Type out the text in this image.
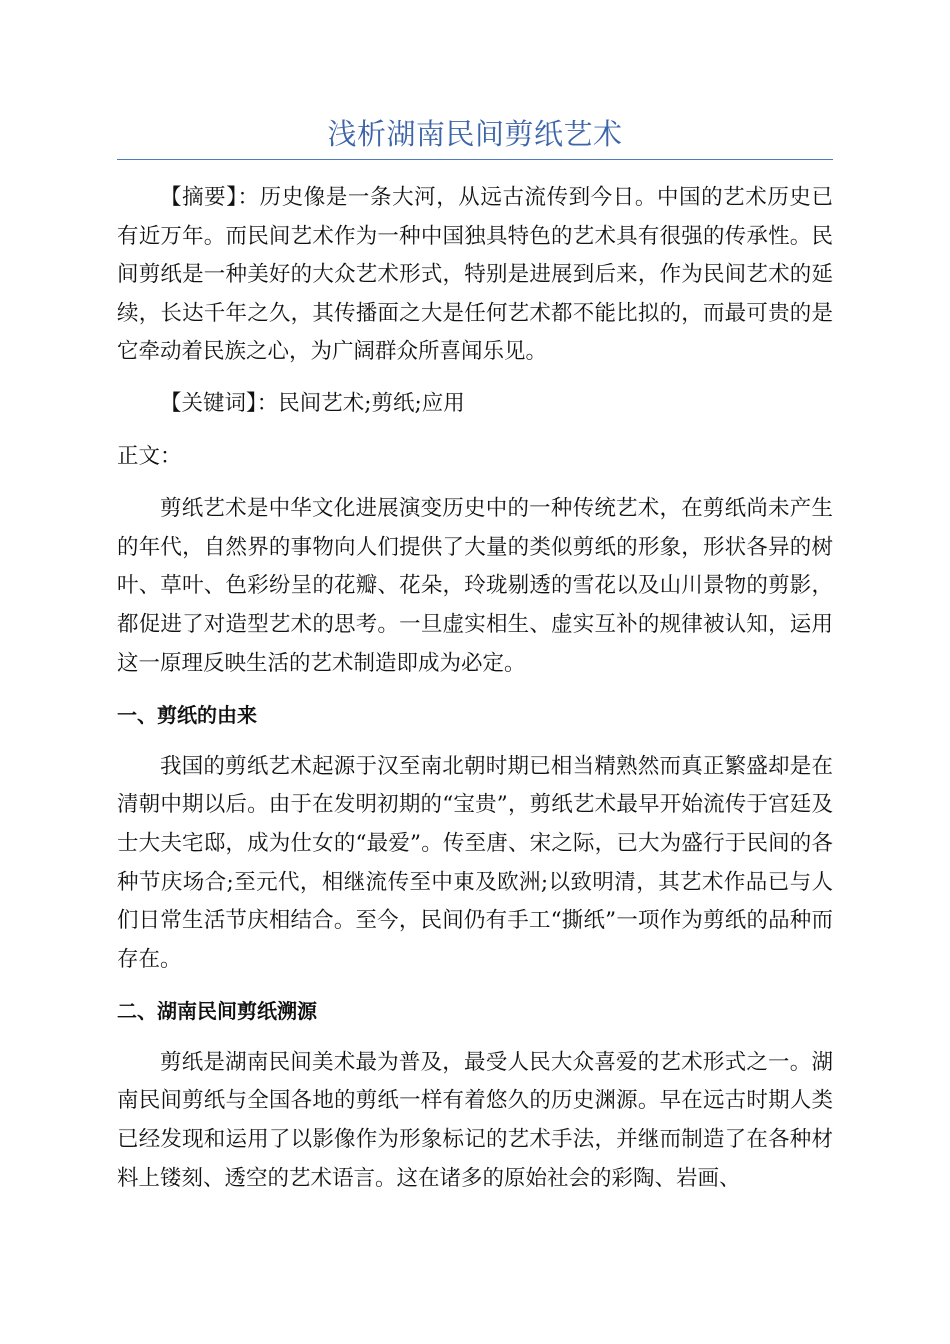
浅析湖南民间剪纸艺术

【摘要】：历史像是一条大河，从远古流传到今日。中国的艺术历史已有近万年。而民间艺术作为一种中国独具特色的艺术具有很强的传承性。民间剪纸是一种美好的大众艺术形式，特别是进展到后来，作为民间艺术的延续，长达千年之久，其传播面之大是任何艺术都不能比拟的，而最可贵的是它牵动着民族之心，为广阔群众所喜闻乐见。

【关键词】：民间艺术;剪纸;应用

正文：

剪纸艺术是中华文化进展演变历史中的一种传统艺术，在剪纸尚未产生的年代，自然界的事物向人们提供了大量的类似剪纸的形象，形状各异的树叶、草叶、色彩纷呈的花瓣、花朵，玲珑剔透的雪花以及山川景物的剪影，都促进了对造型艺术的思考。一旦虚实相生、虚实互补的规律被认知，运用这一原理反映生活的艺术制造即成为必定。

一、剪纸的由来

我国的剪纸艺术起源于汉至南北朝时期已相当精熟然而真正繁盛却是在清朝中期以后。由于在发明初期的“宝贵”，剪纸艺术最早开始流传于宫廷及士大夫宅邸，成为仕女的“最爱”。传至唐、宋之际，已大为盛行于民间的各种节庆场合;至元代，相继流传至中東及欧洲;以致明清，其艺术作品已与人们日常生活节庆相结合。至今，民间仍有手工“撕纸”一项作为剪纸的品种而存在。

二、湖南民间剪纸溯源

剪纸是湖南民间美术最为普及，最受人民大众喜爱的艺术形式之一。湖南民间剪纸与全国各地的剪纸一样有着悠久的历史渊源。早在远古时期人类已经发现和运用了以影像作为形象标记的艺术手法，并继而制造了在各种材料上镂刻、透空的艺术语言。这在诸多的原始社会的彩陶、岩画、
